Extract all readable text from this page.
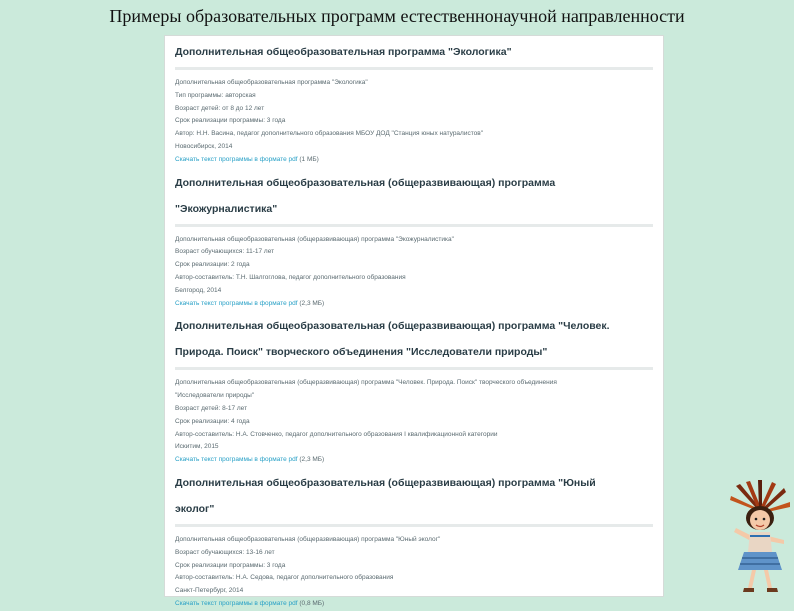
Примеры образовательных программ естественнонаучной направленности
Дополнительная общеобразовательная программа "Экологика"
Дополнительная общеобразовательная программа "Экологика"
Тип программы: авторская
Возраст детей: от 8 до 12 лет
Срок реализации программы: 3 года
Автор: Н.Н. Васина, педагог дополнительного образования МБОУ ДОД "Станция юных натуралистов"
Новосибирск, 2014
Скачать текст программы в формате pdf (1 МБ)
Дополнительная общеобразовательная (общеразвивающая) программа
"Экожурналистика"
Дополнительная общеобразовательная (общеразвивающая) программа "Экожурналистика"
Возраст обучающихся: 11-17 лет
Срок реализации: 2 года
Автор-составитель: Т.Н. Шалгоглова, педагог дополнительного образования
Белгород, 2014
Скачать текст программы в формате pdf (2,3 МБ)
Дополнительная общеобразовательная (общеразвивающая) программа "Человек.
Природа. Поиск" творческого объединения "Исследователи природы"
Дополнительная общеобразовательная (общеразвивающая) программа "Человек. Природа. Поиск" творческого объединения
"Исследователи природы"
Возраст детей: 8-17 лет
Срок реализации: 4 года
Автор-составитель: Н.А. Стовченко, педагог дополнительного образования I квалификационной категории
Искитим, 2015
Скачать текст программы в формате pdf (2,3 МБ)
Дополнительная общеобразовательная (общеразвивающая) программа "Юный
эколог"
Дополнительная общеобразовательная (общеразвивающая) программа "Юный эколог"
Возраст обучающихся: 13-16 лет
Срок реализации программы: 3 года
Автор-составитель: Н.А. Седова, педагог дополнительного образования
Санкт-Петербург, 2014
Скачать текст программы в формате pdf (0,8 МБ)
